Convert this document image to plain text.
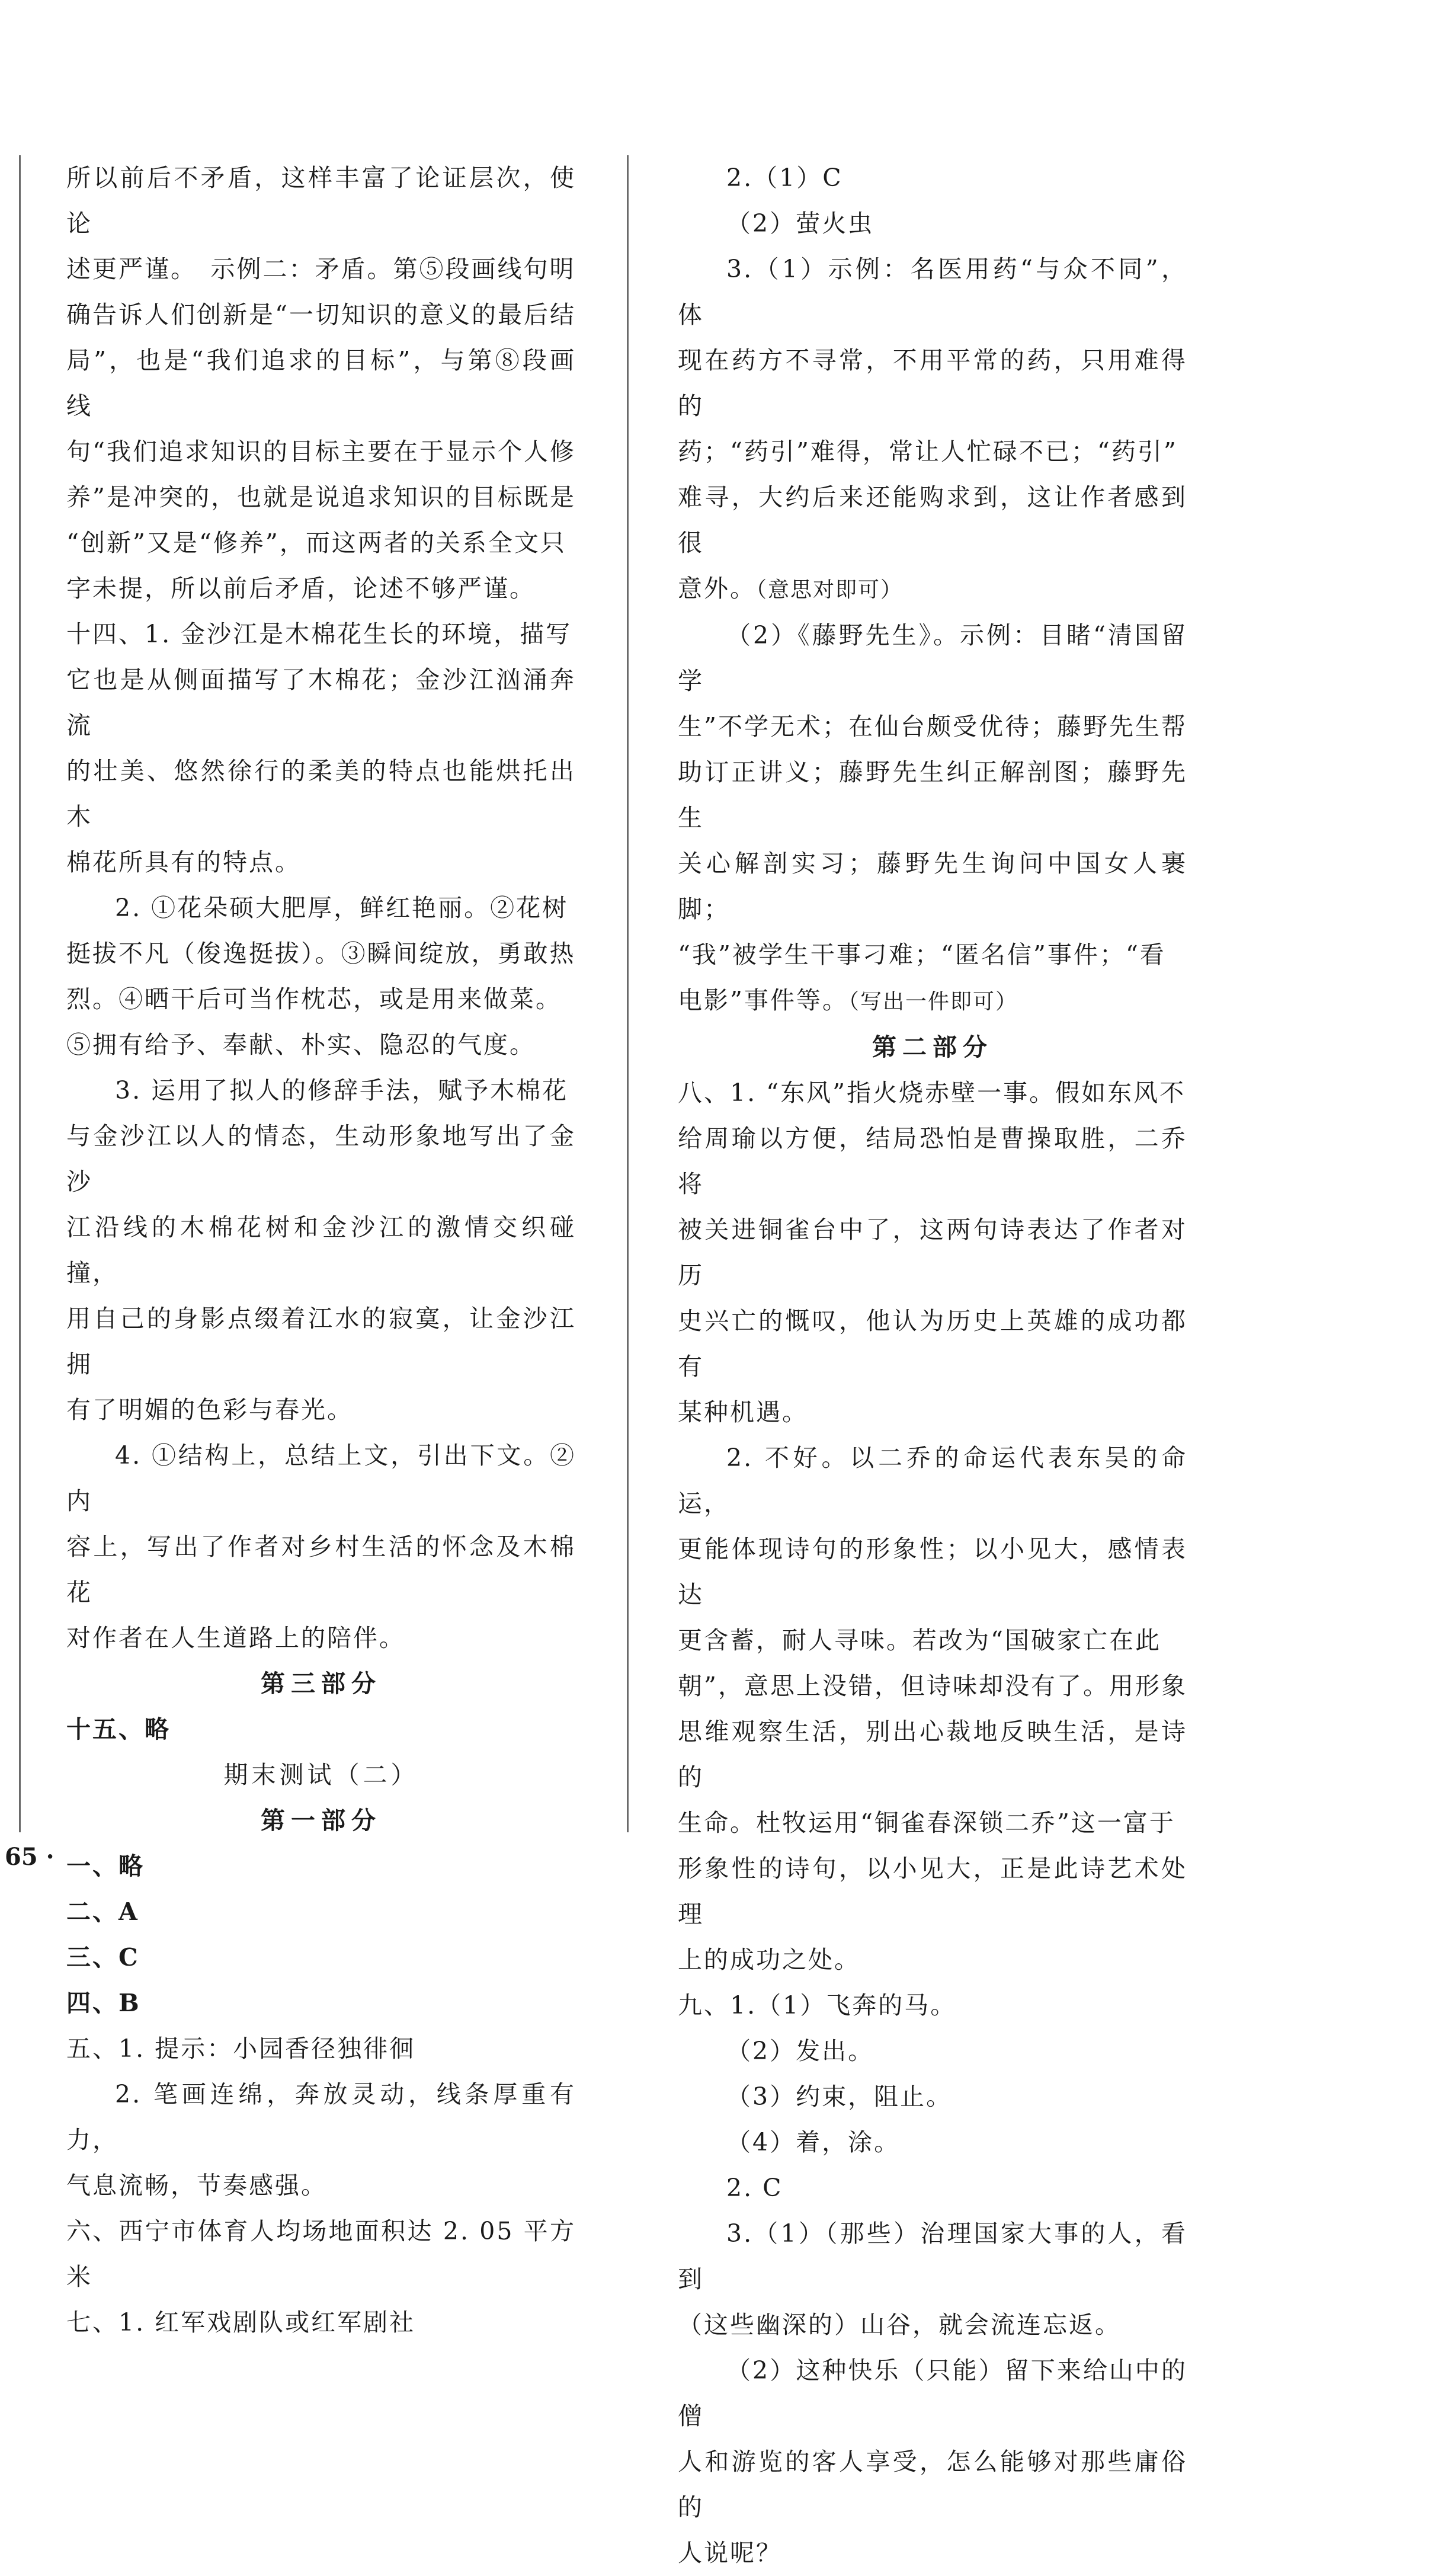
所以前后不矛盾，这样丰富了论证层次，使论

述更严谨。　示例二：矛盾。第⑤段画线句明

确告诉人们创新是“一切知识的意义的最后结

局”，也是“我们追求的目标”，与第⑧段画线

句“我们追求知识的目标主要在于显示个人修

养”是冲突的，也就是说追求知识的目标既是

“创新”又是“修养”，而这两者的关系全文只

字未提，所以前后矛盾，论述不够严谨。

十四、1. 金沙江是木棉花生长的环境，描写

它也是从侧面描写了木棉花；金沙江汹涌奔流

的壮美、悠然徐行的柔美的特点也能烘托出木

棉花所具有的特点。

2. ①花朵硕大肥厚，鲜红艳丽。②花树

挺拔不凡（俊逸挺拔）。③瞬间绽放，勇敢热

烈。④晒干后可当作枕芯，或是用来做菜。

⑤拥有给予、奉献、朴实、隐忍的气度。

3. 运用了拟人的修辞手法，赋予木棉花

与金沙江以人的情态，生动形象地写出了金沙

江沿线的木棉花树和金沙江的激情交织碰撞，

用自己的身影点缀着江水的寂寞，让金沙江拥

有了明媚的色彩与春光。

4. ①结构上，总结上文，引出下文。②内

容上，写出了作者对乡村生活的怀念及木棉花

对作者在人生道路上的陪伴。

第三部分

十五、略

期末测试（二）

第一部分

一、略

二、A

三、C

四、B

五、1. 提示：小园香径独徘徊

2. 笔画连绵，奔放灵动，线条厚重有力，

气息流畅，节奏感强。

六、西宁市体育人均场地面积达 2. 05 平方米

七、1. 红军戏剧队或红军剧社

2.（1）C

（2）萤火虫

3.（1）示例：名医用药“与众不同”，体

现在药方不寻常，不用平常的药，只用难得的

药；“药引”难得，常让人忙碌不已；“药引”

难寻，大约后来还能购求到，这让作者感到很

意外。（意思对即可）

（2）《藤野先生》。示例：目睹“清国留学

生”不学无术；在仙台颇受优待；藤野先生帮

助订正讲义；藤野先生纠正解剖图；藤野先生

关心解剖实习；藤野先生询问中国女人裹脚；

“我”被学生干事刁难；“匿名信”事件；“看

电影”事件等。（写出一件即可）

第二部分

八、1. “东风”指火烧赤壁一事。假如东风不

给周瑜以方便，结局恐怕是曹操取胜，二乔将

被关进铜雀台中了，这两句诗表达了作者对历

史兴亡的慨叹，他认为历史上英雄的成功都有

某种机遇。

2. 不好。以二乔的命运代表东吴的命运，

更能体现诗句的形象性；以小见大，感情表达

更含蓄，耐人寻味。若改为“国破家亡在此

朝”，意思上没错，但诗味却没有了。用形象

思维观察生活，别出心裁地反映生活，是诗的

生命。杜牧运用“铜雀春深锁二乔”这一富于

形象性的诗句，以小见大，正是此诗艺术处理

上的成功之处。

九、1.（1）飞奔的马。

（2）发出。

（3）约束，阻止。

（4）着，涂。

2. C

3.（1）（那些）治理国家大事的人，看到

（这些幽深的）山谷，就会流连忘返。

（2）这种快乐（只能）留下来给山中的僧

人和游览的客人享受，怎么能够对那些庸俗的

人说呢？

65 ·
